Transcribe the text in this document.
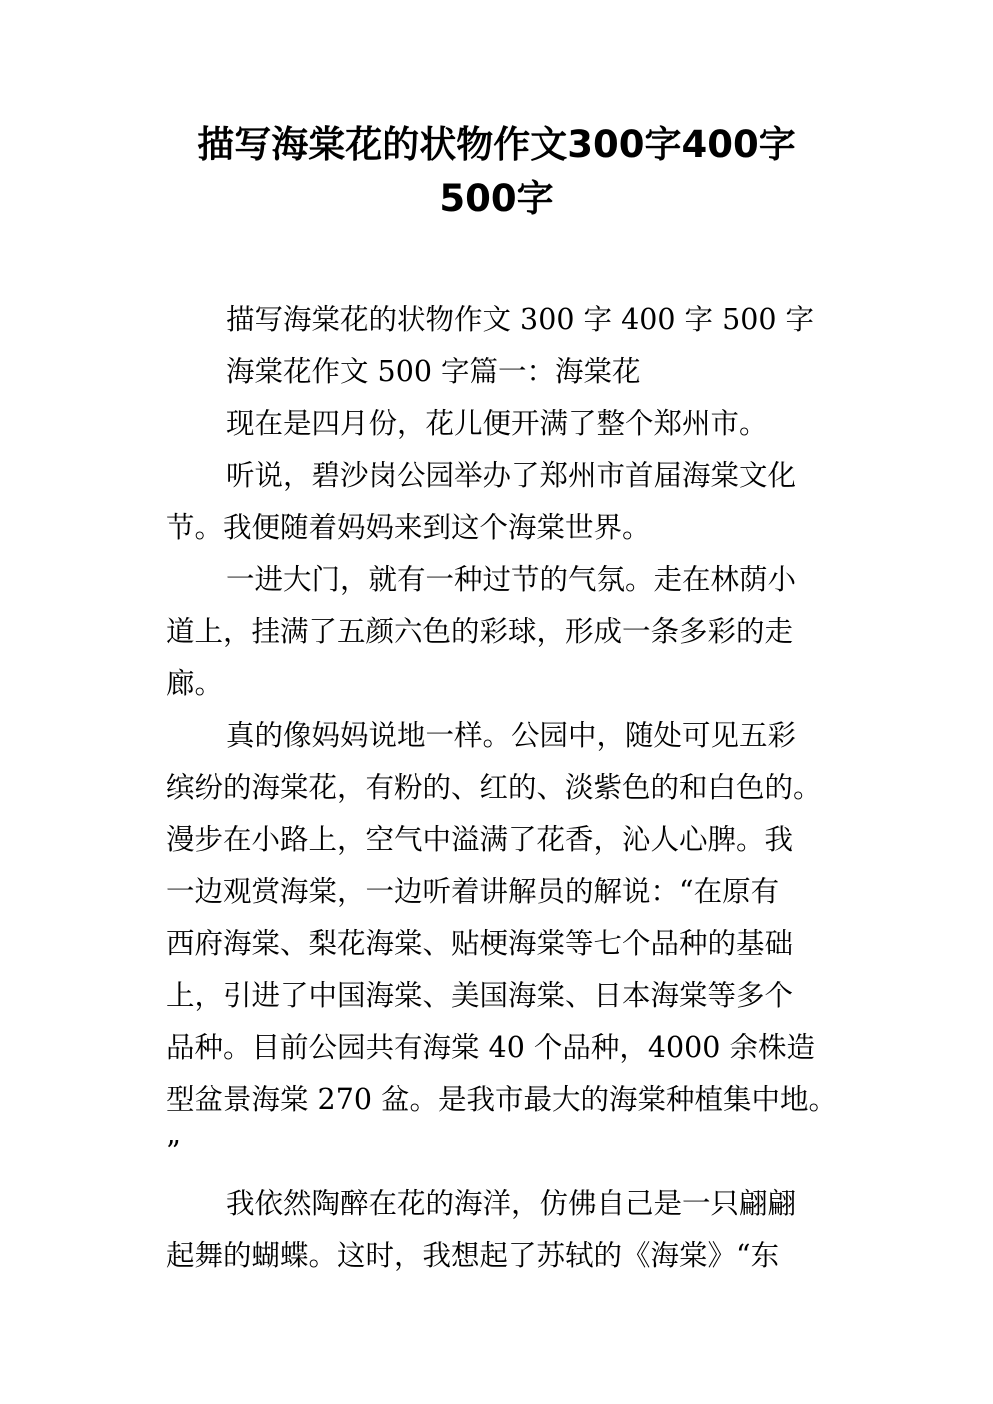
描写海棠花的状物作文300字400字
500字
描写海棠花的状物作文 300 字 400 字 500 字
海棠花作文 500 字篇一：海棠花
现在是四月份，花儿便开满了整个郑州市。
听说，碧沙岗公园举办了郑州市首届海棠文化
节。我便随着妈妈来到这个海棠世界。
一进大门，就有一种过节的气氛。走在林荫小
道上，挂满了五颜六色的彩球，形成一条多彩的走
廊。
真的像妈妈说地一样。公园中，随处可见五彩
缤纷的海棠花，有粉的、红的、淡紫色的和白色的。
漫步在小路上，空气中溢满了花香，沁人心脾。我
一边观赏海棠，一边听着讲解员的解说：“在原有
西府海棠、梨花海棠、贴梗海棠等七个品种的基础
上，引进了中国海棠、美国海棠、日本海棠等多个
品种。目前公园共有海棠 40 个品种，4000 余株造
型盆景海棠 270 盆。是我市最大的海棠种植集中地。
”
我依然陶醉在花的海洋，仿佛自己是一只翩翩
起舞的蝴蝶。这时，我想起了苏轼的《海棠》“东
